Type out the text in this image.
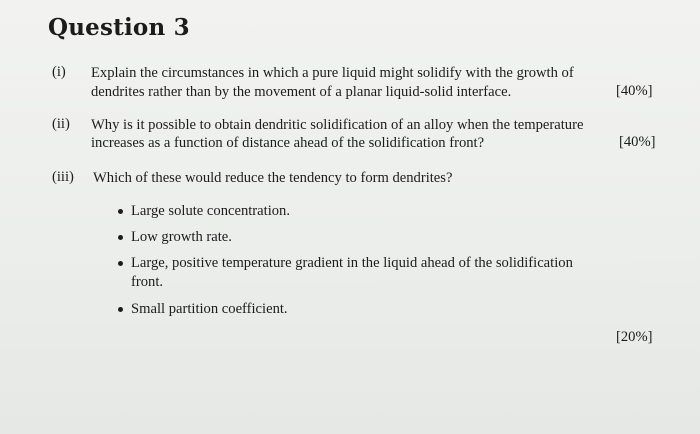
Question 3
(i) Explain the circumstances in which a pure liquid might solidify with the growth of
dendrites rather than by the movement of a planar liquid-solid interface.	[40%]
(ii) Why is it possible to obtain dendritic solidification of an alloy when the temperature
increases as a function of distance ahead of the solidification front?	[40%]
(iii) Which of these would reduce the tendency to form dendrites?
Large solute concentration.
Low growth rate.
Large, positive temperature gradient in the liquid ahead of the solidification
front.
Small partition coefficient.
[20%]
